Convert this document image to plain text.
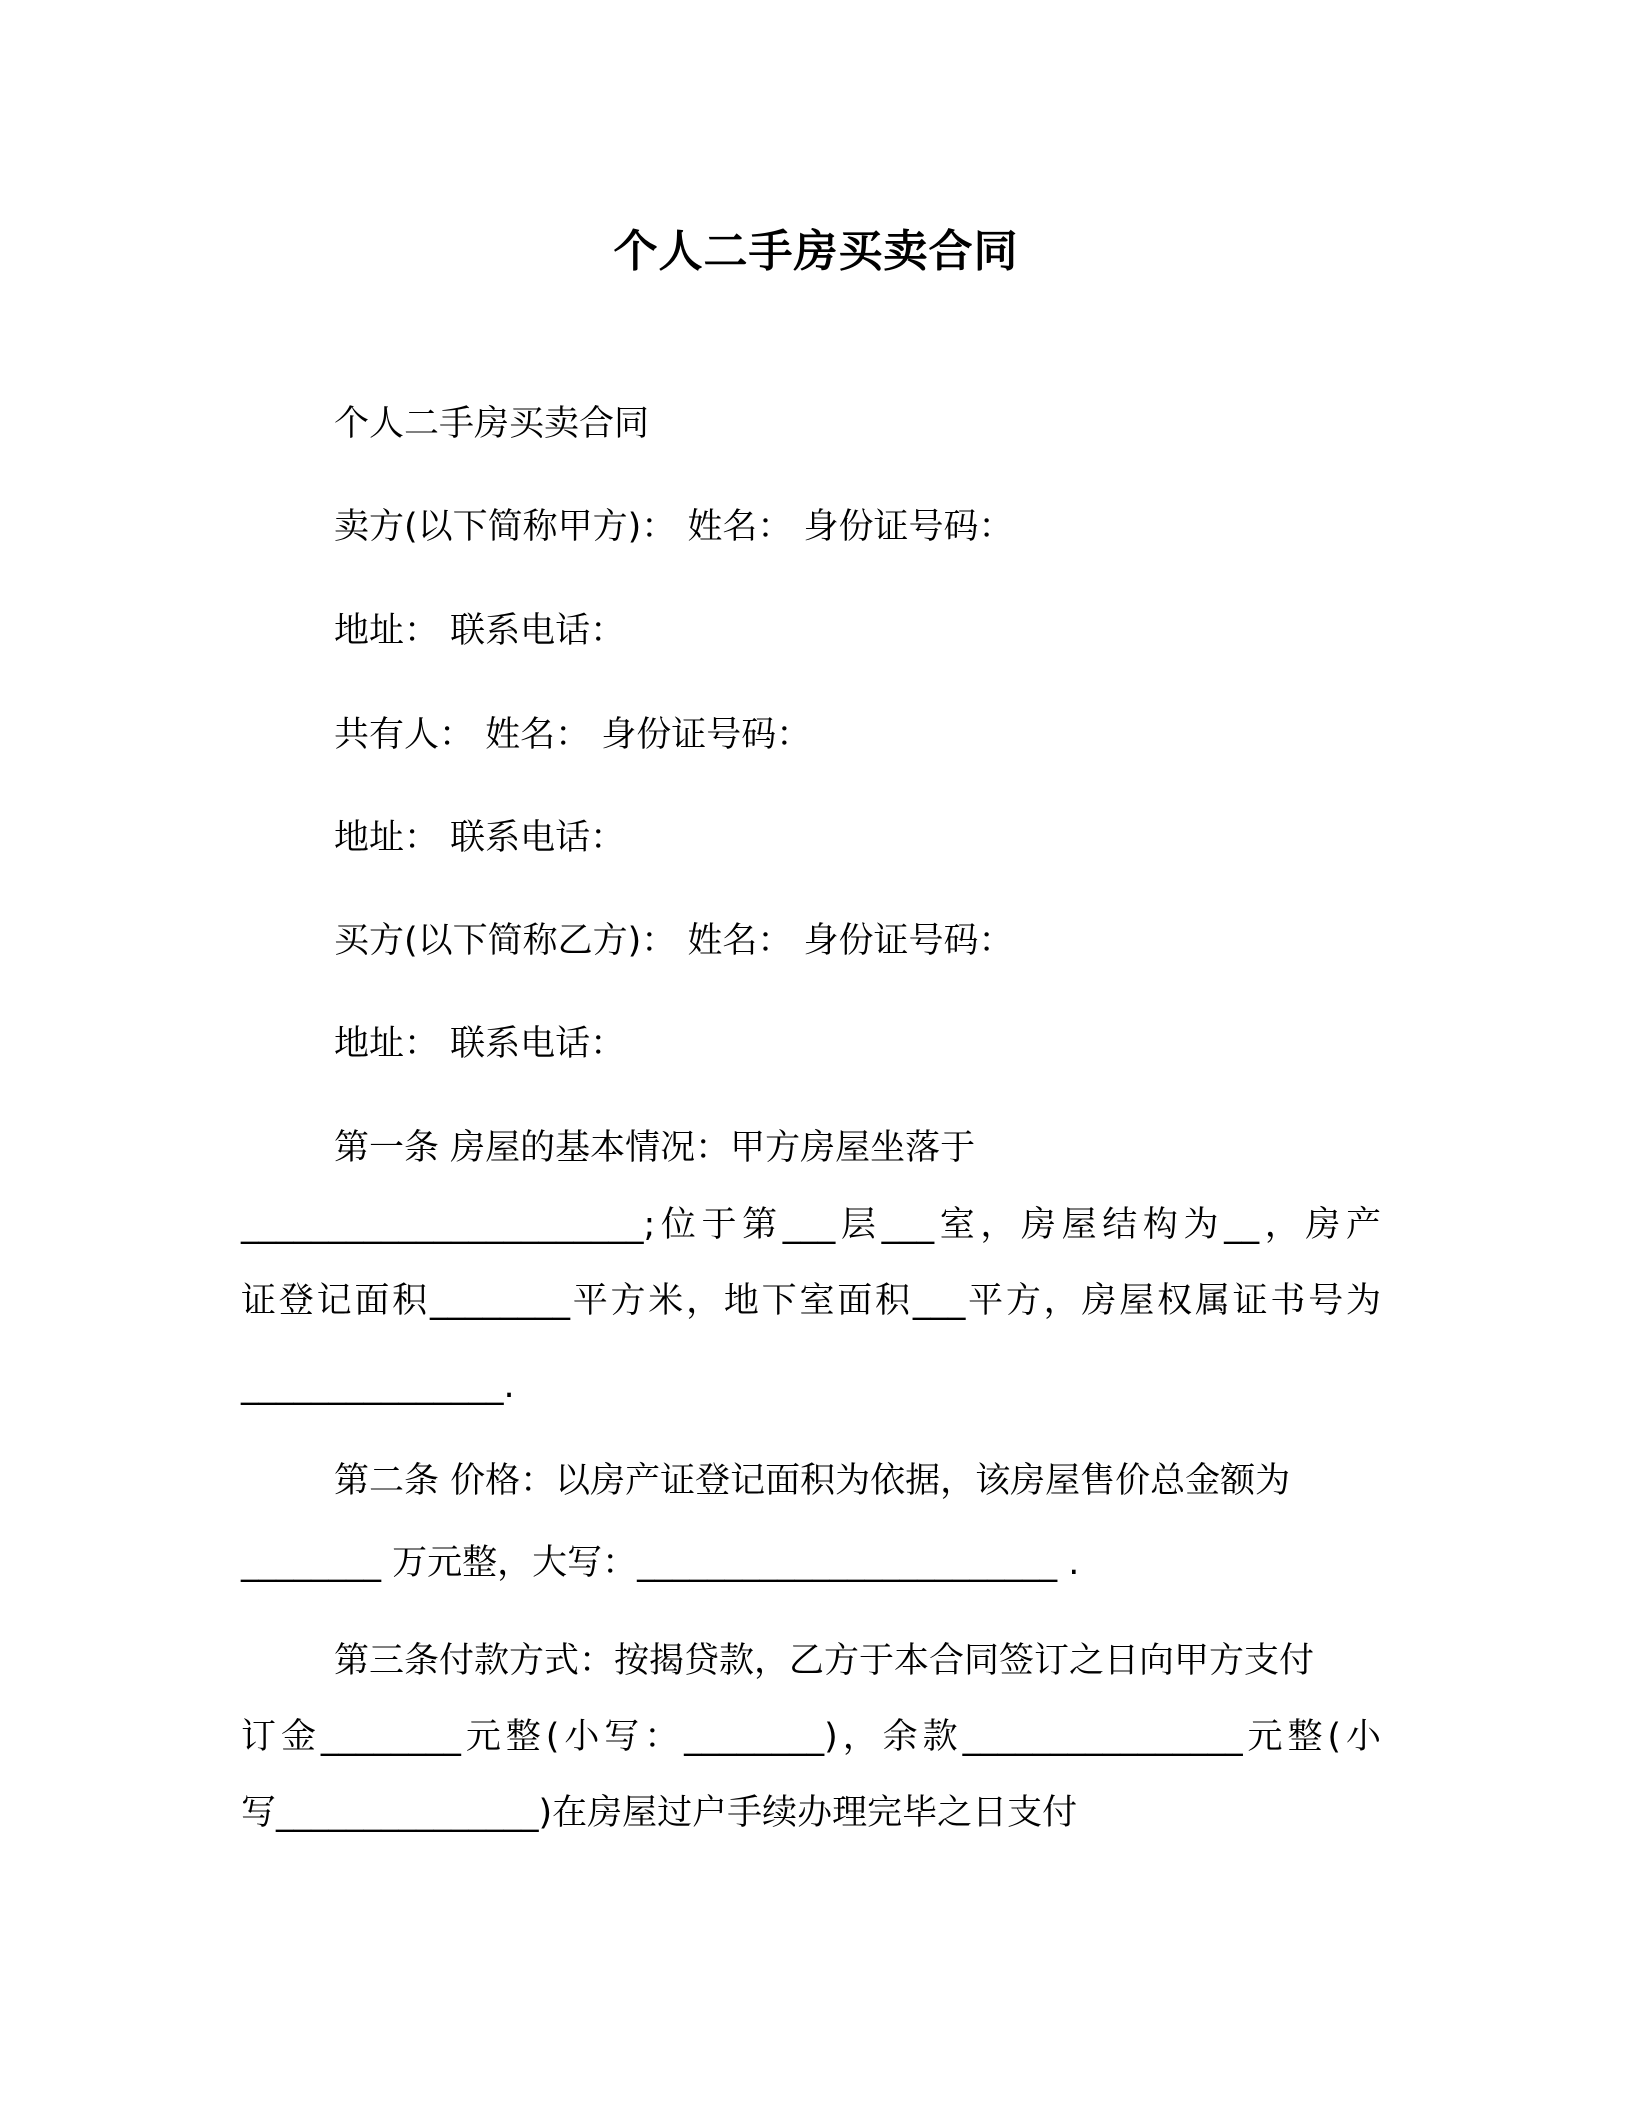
个人二手房买卖合同
个人二手房买卖合同
卖方(以下简称甲方)： 姓名： 身份证号码：
地址： 联系电话：
共有人： 姓名： 身份证号码：
地址： 联系电话：
买方(以下简称乙方)： 姓名： 身份证号码：
地址： 联系电话：
第一条 房屋的基本情况：甲方房屋坐落于
_______________________;位于第___层___室，房屋结构为__，房产
证登记面积________平方米，地下室面积___平方，房屋权属证书号为
_______________.
第二条 价格：以房产证登记面积为依据，该房屋售价总金额为
________ 万元整，大写：________________________ .
第三条付款方式：按揭贷款，乙方于本合同签订之日向甲方支付
订金________元整(小写：________)，余款________________元整(小
写_______________)在房屋过户手续办理完毕之日支付
